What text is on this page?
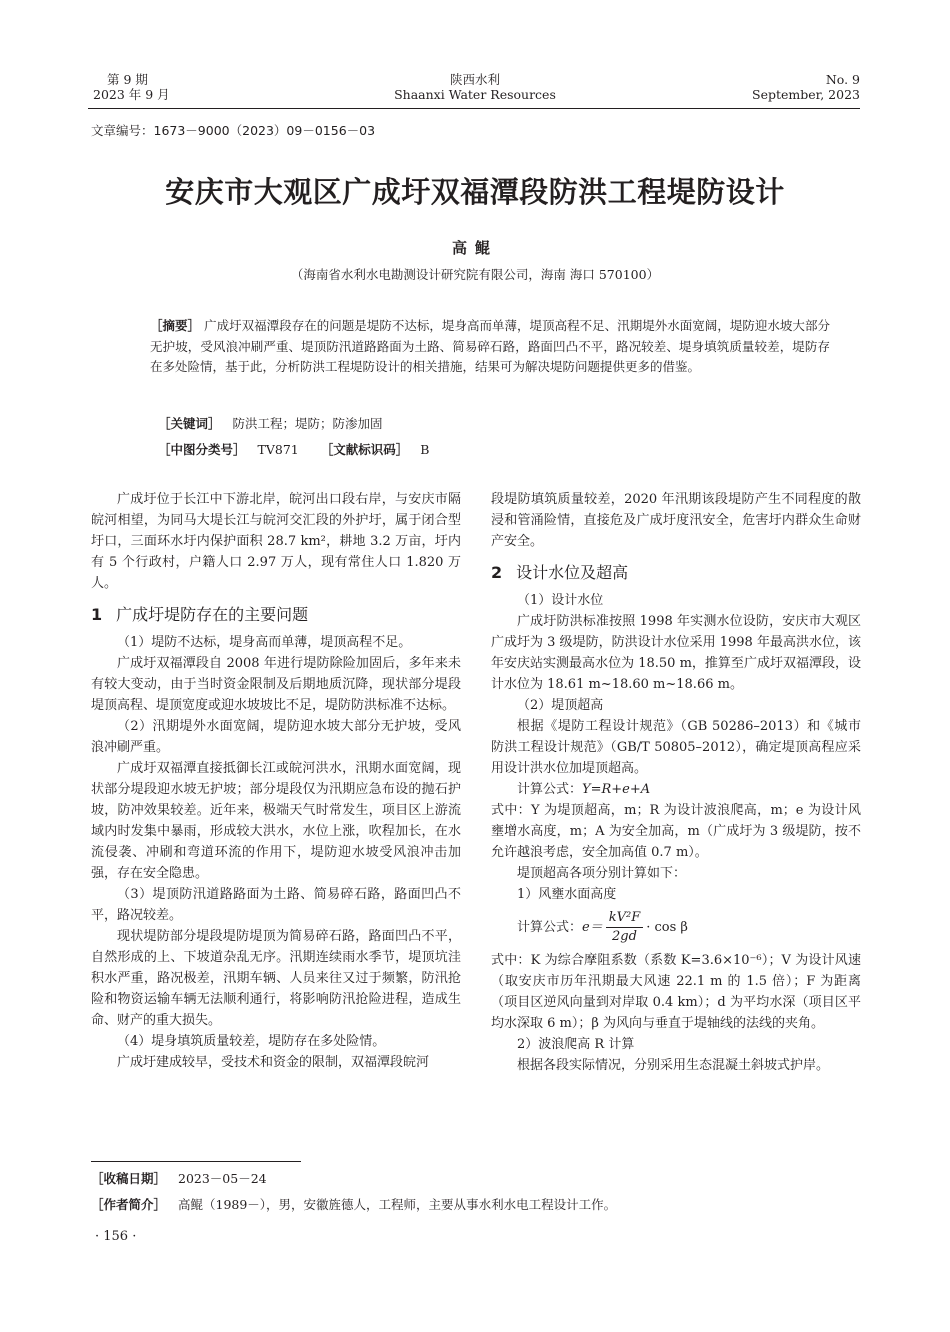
第 9 期
2023 年 9 月
陕西水利
Shaanxi Water Resources
No. 9
September, 2023
文章编号：1673－9000（2023）09－0156－03
安庆市大观区广成圩双福潭段防洪工程堤防设计
高鲲
（海南省水利水电勘测设计研究院有限公司，海南 海口 570100）
［摘要］ 广成圩双福潭段存在的问题是堤防不达标，堤身高而单薄，堤顶高程不足、汛期堤外水面宽阔，堤防迎水坡大部分无护坡，受风浪冲刷严重、堤顶防汛道路路面为土路、简易碎石路，路面凹凸不平，路况较差、堤身填筑质量较差，堤防存在多处险情，基于此，分析防洪工程堤防设计的相关措施，结果可为解决堤防问题提供更多的借鉴。
［关键词］ 防洪工程；堤防；防渗加固
［中图分类号］ TV871 ［文献标识码］ B

广成圩位于长江中下游北岸，皖河出口段右岸，与安庆市隔皖河相望，为同马大堤长江与皖河交汇段的外护圩，属于闭合型圩口，三面环水圩内保护面积 28.7 km²，耕地 3.2 万亩，圩内有 5 个行政村，户籍人口 2.97 万人，现有常住人口 1.820 万人。

1 广成圩堤防存在的主要问题

（1）堤防不达标，堤身高而单薄，堤顶高程不足。

广成圩双福潭段自 2008 年进行堤防除险加固后，多年来未有较大变动，由于当时资金限制及后期地质沉降，现状部分堤段堤顶高程、堤顶宽度或迎水坡坡比不足，堤防防洪标准不达标。

（2）汛期堤外水面宽阔，堤防迎水坡大部分无护坡，受风浪冲刷严重。

广成圩双福潭直接抵御长江或皖河洪水，汛期水面宽阔，现状部分堤段迎水坡无护坡；部分堤段仅为汛期应急布设的抛石护坡，防冲效果较差。近年来，极端天气时常发生，项目区上游流域内时发集中暴雨，形成较大洪水，水位上涨，吹程加长，在水流侵袭、冲刷和弯道环流的作用下，堤防迎水坡受风浪冲击加强，存在安全隐患。

（3）堤顶防汛道路路面为土路、简易碎石路，路面凹凸不平，路况较差。

现状堤防部分堤段堤防堤顶为简易碎石路，路面凹凸不平，自然形成的上、下坡道杂乱无序。汛期连续雨水季节，堤顶坑洼积水严重，路况极差，汛期车辆、人员来往又过于频繁，防汛抢险和物资运输车辆无法顺利通行，将影响防汛抢险进程，造成生命、财产的重大损失。

（4）堤身填筑质量较差，堤防存在多处险情。

广成圩建成较早，受技术和资金的限制，双福潭段皖河

段堤防填筑质量较差，2020 年汛期该段堤防产生不同程度的散浸和管涌险情，直接危及广成圩度汛安全，危害圩内群众生命财产安全。

2 设计水位及超高

（1）设计水位

广成圩防洪标准按照 1998 年实测水位设防，安庆市大观区广成圩为 3 级堤防，防洪设计水位采用 1998 年最高洪水位，该年安庆站实测最高水位为 18.50 m，推算至广成圩双福潭段，设计水位为 18.61 m~18.60 m~18.66 m。

（2）堤顶超高

根据《堤防工程设计规范》（GB 50286–2013）和《城市防洪工程设计规范》（GB/T 50805–2012），确定堤顶高程应采用设计洪水位加堤顶超高。

计算公式：Y=R+e+A

式中：Y 为堤顶超高，m；R 为设计波浪爬高，m；e 为设计风壅增水高度，m；A 为安全加高，m（广成圩为 3 级堤防，按不允许越浪考虑，安全加高值 0.7 m）。

堤顶超高各项分别计算如下：

1）风壅水面高度

计算公式：$e= \frac{\text{kV²F}}{2gd} \cdot \cos \beta$

式中：K 为综合摩阻系数（系数 K=3.6×10⁻⁶）；V 为设计风速（取安庆市历年汛期最大风速 22.1 m 的 1.5 倍）；F 为距离（项目区逆风向量到对岸取 0.4 km）；d 为平均水深（项目区平均水深取 6 m）；β 为风向与垂直于堤轴线的法线的夹角。

2）波浪爬高 R 计算

根据各段实际情况，分别采用生态混凝土斜坡式护岸。

［收稿日期］ 2023－05－24
［作者简介］ 高鲲（1989－），男，安徽旌德人，工程师，主要从事水利水电工程设计工作。
· 156 ·
